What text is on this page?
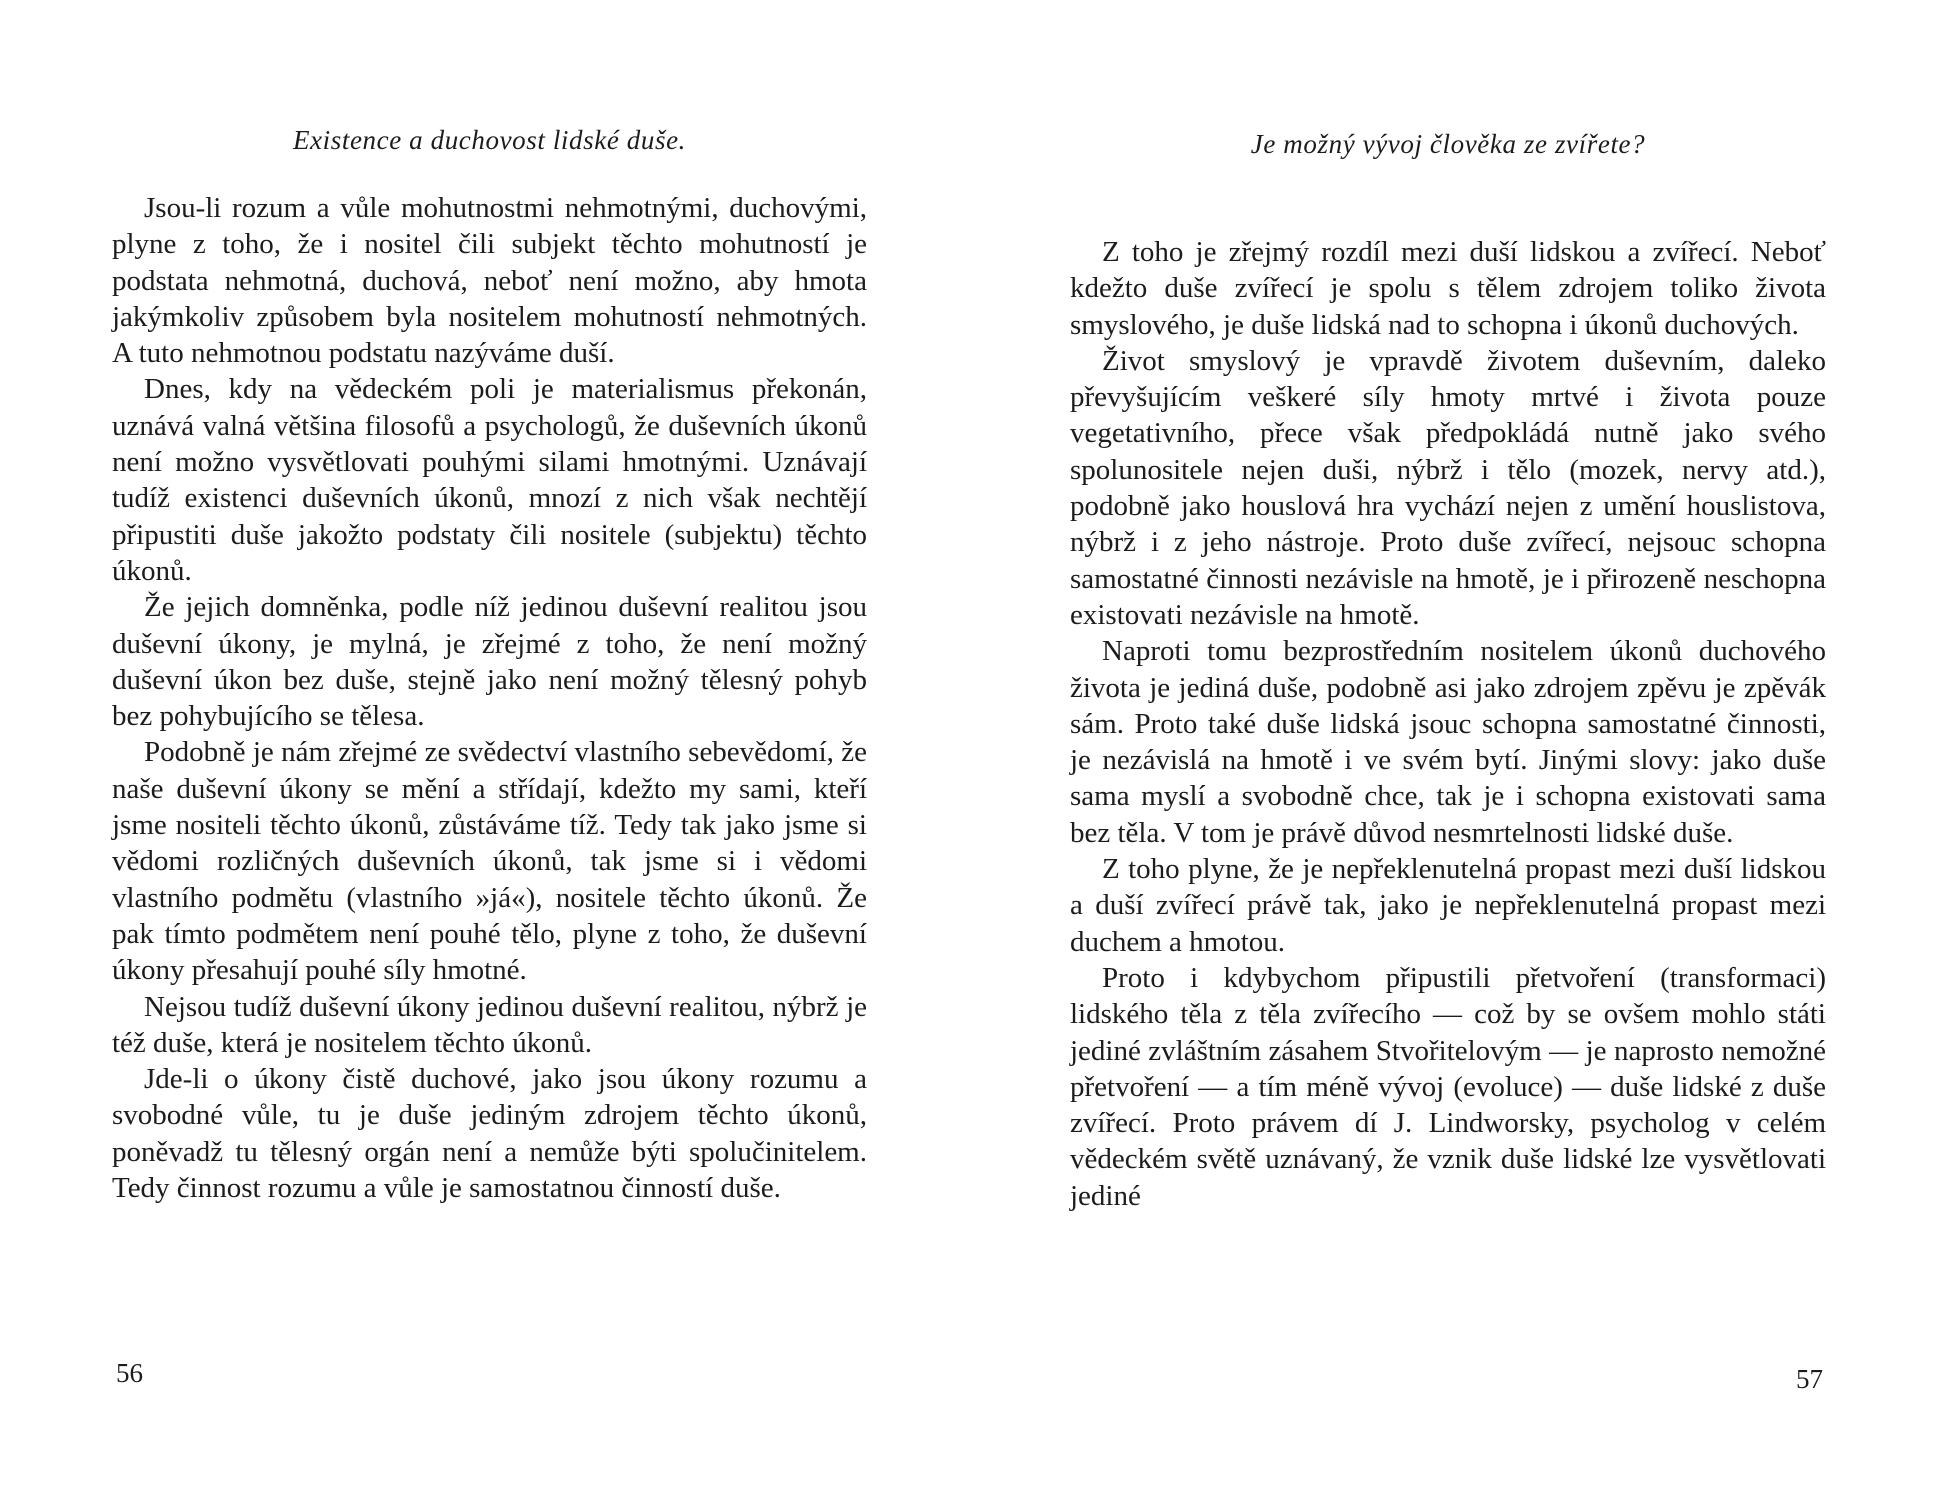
Existence a duchovost lidské duše.

Jsou-li rozum a vůle mohutnostmi nehmotnými, duchovými, plyne z toho, že i nositel čili subjekt těchto mohutností je podstata nehmotná, duchová, neboť není možno, aby hmota jakýmkoliv způsobem byla nositelem mohutností nehmotných. A tuto nehmotnou podstatu nazýváme duší.

Dnes, kdy na vědeckém poli je materialismus překonán, uznává valná většina filosofů a psychologů, že duševních úkonů není možno vysvětlovati pouhými silami hmotnými. Uznávají tudíž existenci duševních úkonů, mnozí z nich však nechtějí připustiti duše jakožto podstaty čili nositele (subjektu) těchto úkonů.

Že jejich domněnka, podle níž jedinou duševní realitou jsou duševní úkony, je mylná, je zřejmé z toho, že není možný duševní úkon bez duše, stejně jako není možný tělesný pohyb bez pohybujícího se tělesa.

Podobně je nám zřejmé ze svědectví vlastního sebevědomí, že naše duševní úkony se mění a střídají, kdežto my sami, kteří jsme nositeli těchto úkonů, zůstáváme tíž. Tedy tak jako jsme si vědomi rozličných duševních úkonů, tak jsme si i vědomi vlastního podmětu (vlastního »já«), nositele těchto úkonů. Že pak tímto podmětem není pouhé tělo, plyne z toho, že duševní úkony přesahují pouhé síly hmotné.

Nejsou tudíž duševní úkony jedinou duševní realitou, nýbrž je též duše, která je nositelem těchto úkonů.

Jde-li o úkony čistě duchové, jako jsou úkony rozumu a svobodné vůle, tu je duše jediným zdrojem těchto úkonů, poněvadž tu tělesný orgán není a nemůže býti spolučinitelem. Tedy činnost rozumu a vůle je samostatnou činností duše.

56
Je možný vývoj člověka ze zvířete?

Z toho je zřejmý rozdíl mezi duší lidskou a zvířecí. Neboť kdežto duše zvířecí je spolu s tělem zdrojem toliko života smyslového, je duše lidská nad to schopna i úkonů duchových.

Život smyslový je vpravdě životem duševním, daleko převyšujícím veškeré síly hmoty mrtvé i života pouze vegetativního, přece však předpokládá nutně jako svého spolunositele nejen duši, nýbrž i tělo (mozek, nervy atd.), podobně jako houslová hra vychází nejen z umění houslistova, nýbrž i z jeho nástroje. Proto duše zvířecí, nejsouc schopna samostatné činnosti nezávisle na hmotě, je i přirozeně neschopna existovati nezávisle na hmotě.

Naproti tomu bezprostředním nositelem úkonů duchového života je jediná duše, podobně asi jako zdrojem zpěvu je zpěvák sám. Proto také duše lidská jsouc schopna samostatné činnosti, je nezávislá na hmotě i ve svém bytí. Jinými slovy: jako duše sama myslí a svobodně chce, tak je i schopna existovati sama bez těla. V tom je právě důvod nesmrtelnosti lidské duše.

Z toho plyne, že je nepřeklenutelná propast mezi duší lidskou a duší zvířecí právě tak, jako je nepřeklenutelná propast mezi duchem a hmotou.

Proto i kdybychom připustili přetvoření (transformaci) lidského těla z těla zvířecího — což by se ovšem mohlo státi jediné zvláštním zásahem Stvořitelovým — je naprosto nemožné přetvoření — a tím méně vývoj (evoluce) — duše lidské z duše zvířecí. Proto právem dí J. Lindworsky, psycholog v celém vědeckém světě uznávaný, že vznik duše lidské lze vysvětlovati jediné

57
